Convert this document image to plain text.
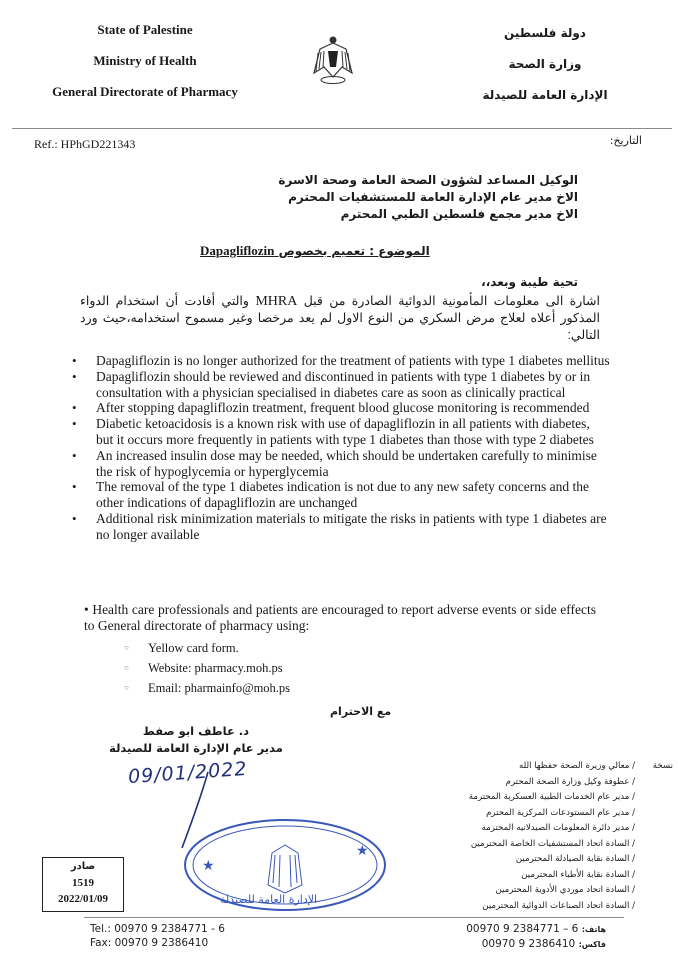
State of Palestine
Ministry of Health
General Directorate of Pharmacy
دولة فلسطين
وزارة الصحة
الإدارة العامة للصيدلة
Ref.: HPhGD221343	التاريخ:
الوكيل المساعد لشؤون الصحة العامة وصحة الاسرة
الاخ مدير عام الإدارة العامة للمستشفيات المحترم
الاخ مدير مجمع فلسطين الطبي المحترم
الموضوع : تعميم بخصوص Dapagliflozin
تحية طيبة وبعد،،
اشارة الى معلومات المأمونية الدوائية الصادرة من قبل MHRA والتي أفادت أن استخدام الدواء المذكور أعلاه لعلاج مرض السكري من النوع الاول لم يعد مرخصا وغير مسموح استخدامه،حيث ورد التالي:
• Dapagliflozin is no longer authorized for the treatment of patients with type 1 diabetes mellitus
• Dapagliflozin should be reviewed and discontinued in patients with type 1 diabetes by or in consultation with a physician specialised in diabetes care as soon as clinically practical
• After stopping dapagliflozin treatment, frequent blood glucose monitoring is recommended
• Diabetic ketoacidosis is a known risk with use of dapagliflozin in all patients with diabetes, but it occurs more frequently in patients with type 1 diabetes than those with type 2 diabetes
• An increased insulin dose may be needed, which should be undertaken carefully to minimise the risk of hypoglycemia or hyperglycemia
• The removal of the type 1 diabetes indication is not due to any new safety concerns and the other indications of dapagliflozin are unchanged
• Additional risk minimization materials to mitigate the risks in patients with type 1 diabetes are no longer available
• Health care professionals and patients are encouraged to report adverse events or side effects to General directorate of pharmacy using:
○ Yellow card form.
○ Website: pharmacy.moh.ps
○ Email: pharmainfo@moh.ps
مع الاحترام
د. عاطف ابو صفط
مدير عام الإدارة العامة للصيدلة
09/01/2022	نسخة
/ معالي وزيرة الصحة حفظها الله
/ عطوفة وكيل وزارة الصحة المحترم
/ مدير عام الخدمات الطبية العسكرية المحترمة
/ مدير عام المستودعات المركزية المحترم
/ مدير دائرة المعلومات الصيدلانيه المحترمه
/ السادة اتحاد المستشفيات الخاصة المحترمين
/ السادة نقابة الصيادلة المحترمين
/ السادة نقابة الأطباء المحترمين
/ السادة اتحاد موردي الأدوية المحترمين
/ السادة اتحاد الصناعات الدوائية المحترمين
★
★
الإدارة العامة للصيدلة
صادر
1519
2022/01/09
Tel.: 00970 9 2384771 - 6
Fax: 00970 9 2386410
هاتف: 00970 9 2384771 – 6
فاكس: 00970 9 2386410
